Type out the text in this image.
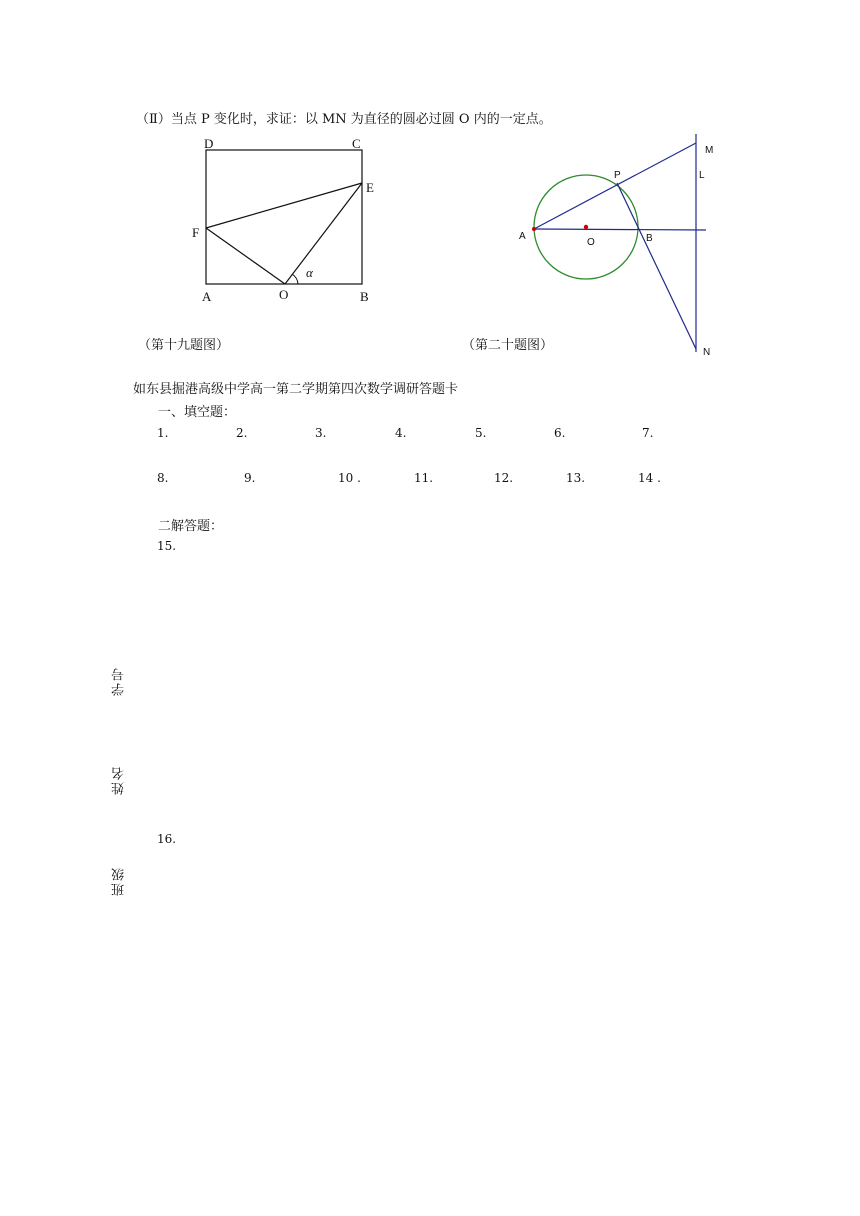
（Ⅱ）当点 P 变化时，求证：以 MN 为直径的圆必过圆 O 内的一定点。
D	C
E
F
A	O	B
α
M
L
P
A
O	B
N
（第十九题图）	（第二十题图）
如东县掘港高级中学高一第二学期第四次数学调研答题卡
一、填空题：
1.	2.	3.	4.	5.	6.	7.
8.	9.	10 .	11.	12.	13.	14 .
二解答题：
15.
16.
学号
姓名
班级
